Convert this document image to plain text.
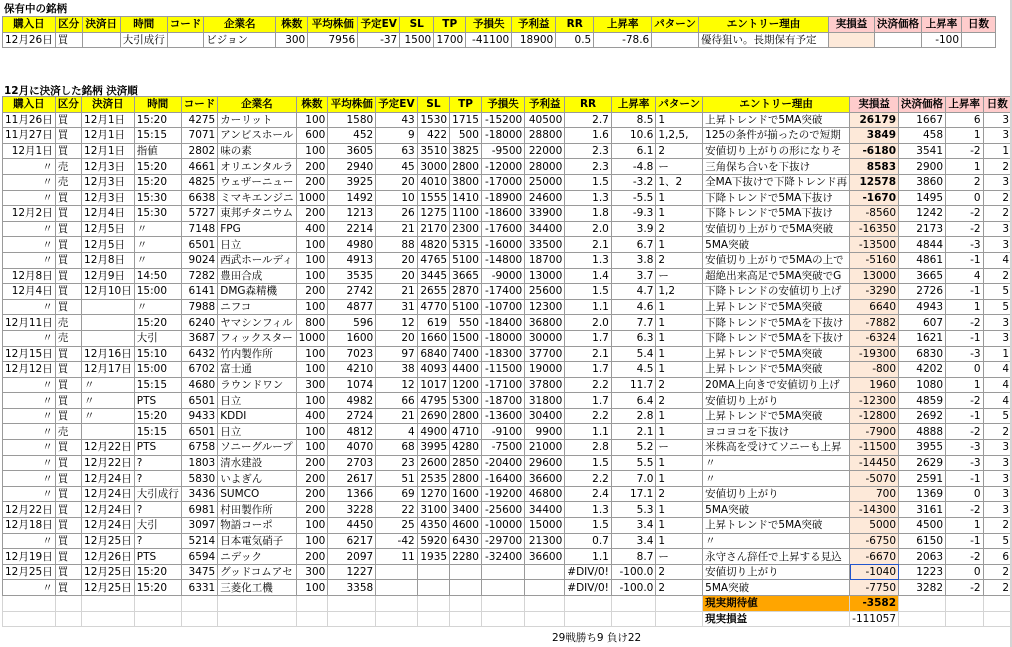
保有中の銘柄
購入日	区分	決済日	時間	コード	企業名	株数	平均株価	予定EV	SL	TP	予損失	予利益	RR	上昇率	パターン	エントリー理由	実損益	決済価格	上昇率	日数
12月26日	買		大引成行		ビジョン	300	7956	-37	1500	1700	-41100	18900	0.5	-78.6		優待狙い。長期保有予定			-100	
12月に決済した銘柄 決済順
購入日	区分	決済日	時間	コード	企業名	株数	平均株価	予定EV	SL	TP	予損失	予利益	RR	上昇率	パターン	エントリー理由	実損益	決済価格	上昇率	日数
11月26日	買	12月1日	15:20	4275	カーリット	100	1580	43	1530	1715	-15200	40500	2.7	8.5	1	上昇トレンドで5MA突破	26179	1667	6	3
11月27日	買	12月1日	15:15	7071	アンビスホール	600	452	9	422	500	-18000	28800	1.6	10.6	1,2,5,	125の条件が揃ったので短期	3849	458	1	3
12月1日	買	12月1日	指値	2802	味の素	100	3605	63	3510	3825	-9500	22000	2.3	6.1	2	安値切り上がりの形になりそ	-6180	3541	-2	1
〃	売	12月3日	15:20	4661	オリエンタルラ	200	2940	45	3000	2800	-12000	28000	2.3	-4.8	ー	三角保ち合いを下抜け	8583	2900	1	2
〃	売	12月3日	15:20	4825	ウェザーニュー	200	3925	20	4010	3800	-17000	25000	1.5	-3.2	1、2	全MA下抜けで下降トレンド再	12578	3860	2	3
〃	買	12月3日	15:30	6638	ミマキエンジニ	1000	1492	10	1555	1410	-18900	24600	1.3	-5.5	1	下降トレンドで5MA下抜け	-1670	1495	0	2
12月2日	買	12月4日	15:30	5727	東邦チタニウム	200	1213	26	1275	1100	-18600	33900	1.8	-9.3	1	下降トレンドで5MA下抜け	-8560	1242	-2	2
〃	買	12月5日	〃	7148	FPG	400	2214	21	2170	2300	-17600	34400	2.0	3.9	2	安値切り上がりで5MA突破	-16350	2173	-2	3
〃	買	12月5日	〃	6501	日立	100	4980	88	4820	5315	-16000	33500	2.1	6.7	1	5MA突破	-13500	4844	-3	3
〃	買	12月8日	〃	9024	西武ホールディ	100	4913	20	4765	5100	-14800	18700	1.3	3.8	2	安値切り上がりで5MAの上で	-5160	4861	-1	4
12月8日	買	12月9日	14:50	7282	豊田合成	100	3535	20	3445	3665	-9000	13000	1.4	3.7	ー	超絶出来高足で5MA突破でG	13000	3665	4	2
12月4日	買	12月10日	15:00	6141	DMG森精機	200	2742	21	2655	2870	-17400	25600	1.5	4.7	1,2	下降トレンドの安値切り上げ	-3290	2726	-1	5
〃	買		〃	7988	ニフコ	100	4877	31	4770	5100	-10700	12300	1.1	4.6	1	上昇トレンドで5MA突破	6640	4943	1	5
12月11日	売		15:20	6240	ヤマシンフィル	800	596	12	619	550	-18400	36800	2.0	7.7	1	下降トレンドで5MAを下抜け	-7882	607	-2	3
〃	売		大引	3687	フィックスター	1000	1600	20	1660	1500	-18000	30000	1.7	6.3	1	下降トレンドで5MAを下抜け	-6324	1621	-1	3
12月15日	買	12月16日	15:10	6432	竹内製作所	100	7023	97	6840	7400	-18300	37700	2.1	5.4	1	上昇トレンドで5MA突破	-19300	6830	-3	1
12月12日	買	12月17日	15:00	6702	富士通	100	4210	38	4093	4400	-11500	19000	1.7	4.5	1	上昇トレンドで5MA突破	-800	4202	0	4
〃	買	〃	15:15	4680	ラウンドワン	300	1074	12	1017	1200	-17100	37800	2.2	11.7	2	20MA上向きで安値切り上げ	1960	1080	1	4
〃	買	〃	PTS	6501	日立	100	4982	66	4795	5300	-18700	31800	1.7	6.4	2	安値切り上がり	-12300	4859	-2	4
〃	買	〃	15:20	9433	KDDI	400	2724	21	2690	2800	-13600	30400	2.2	2.8	1	上昇トレンドで5MA突破	-12800	2692	-1	5
〃	売		15:15	6501	日立	100	4812	4	4900	4710	-9100	9900	1.1	2.1	1	ヨコヨコを下抜け	-7900	4888	-2	2
〃	買	12月22日	PTS	6758	ソニーグループ	100	4070	68	3995	4280	-7500	21000	2.8	5.2	ー	米株高を受けてソニーも上昇	-11500	3955	-3	3
〃	買	12月22日	?	1803	清水建設	200	2703	23	2600	2850	-20400	29600	1.5	5.5	1	〃	-14450	2629	-3	3
〃	買	12月24日	?	5830	いよぎん	200	2617	51	2535	2800	-16400	36600	2.2	7.0	1	〃	-5070	2591	-1	3
〃	買	12月24日	大引成行	3436	SUMCO	200	1366	69	1270	1600	-19200	46800	2.4	17.1	2	安値切り上がり	700	1369	0	3
12月22日	買	12月24日	?	6981	村田製作所	200	3228	22	3100	3400	-25600	34400	1.3	5.3	1	5MA突破	-14300	3161	-2	3
12月18日	買	12月24日	大引	3097	物語コーポ	100	4450	25	4350	4600	-10000	15000	1.5	3.4	1	上昇トレンドで5MA突破	5000	4500	1	2
〃	買	12月25日	?	5214	日本電気硝子	100	6217	-42	5920	6430	-29700	21300	0.7	3.4	1	〃	-6750	6150	-1	5
12月19日	買	12月26日	PTS	6594	ニデック	200	2097	11	1935	2280	-32400	36600	1.1	8.7	ー	永守さん辞任で上昇する見込	-6670	2063	-2	6
12月25日	買	12月25日	15:20	3475	グッドコムアセ	300	1227						#DIV/0!	-100.0	2	安値切り上がり	-1040	1223	0	2
〃	買	12月25日	15:20	6331	三菱化工機	100	3358						#DIV/0!	-100.0	2	5MA突破	-7750	3282	-2	2
																現実期待値	-3582			
																現実損益	-111057			
29戦勝ち9 負け22
